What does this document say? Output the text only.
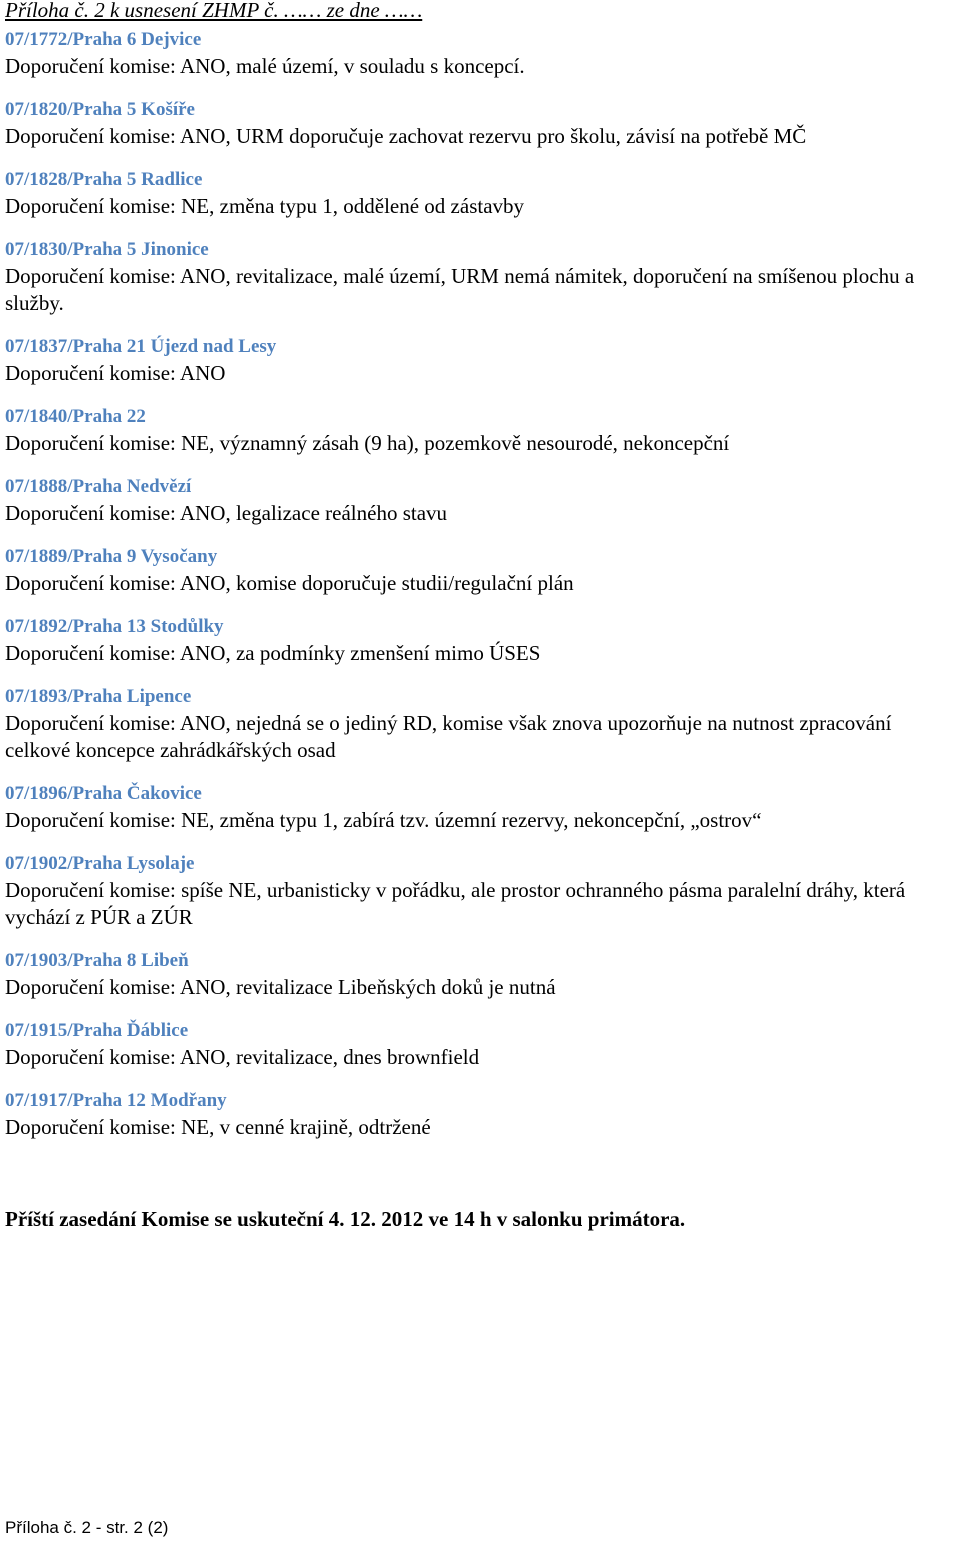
Příloha č. 2 k usnesení ZHMP č. …… ze dne ……
07/1772/Praha 6 Dejvice
Doporučení komise: ANO, malé území, v souladu s koncepcí.
07/1820/Praha 5 Košíře
Doporučení komise: ANO, URM doporučuje zachovat rezervu pro školu, závisí na potřebě MČ
07/1828/Praha 5 Radlice
Doporučení komise: NE, změna typu 1, oddělené od zástavby
07/1830/Praha 5 Jinonice
Doporučení komise: ANO, revitalizace, malé území, URM nemá námitek, doporučení na smíšenou plochu a služby.
07/1837/Praha 21 Újezd nad Lesy
Doporučení komise: ANO
07/1840/Praha 22
Doporučení komise: NE, významný zásah (9 ha), pozemkově nesourodé, nekoncepční
07/1888/Praha Nedvězí
Doporučení komise: ANO, legalizace reálného stavu
07/1889/Praha 9 Vysočany
Doporučení komise: ANO, komise doporučuje studii/regulační plán
07/1892/Praha 13 Stodůlky
Doporučení komise: ANO, za podmínky zmenšení mimo ÚSES
07/1893/Praha Lipence
Doporučení komise: ANO, nejedná se o jediný RD, komise však znova upozorňuje na nutnost zpracování celkové koncepce zahrádkářských osad
07/1896/Praha Čakovice
Doporučení komise: NE, změna typu 1, zabírá tzv. územní rezervy, nekoncepční, „ostrov“
07/1902/Praha Lysolaje
Doporučení komise: spíše NE, urbanisticky v pořádku, ale prostor ochranného pásma paralelní dráhy, která vychází z PÚR a ZÚR
07/1903/Praha 8 Libeň
Doporučení komise: ANO, revitalizace Libeňských doků je nutná
07/1915/Praha Ďáblice
Doporučení komise: ANO, revitalizace, dnes brownfield
07/1917/Praha 12 Modřany
Doporučení komise: NE, v cenné krajině, odtržené
Příští zasedání Komise se uskuteční 4. 12. 2012 ve 14 h v salonku primátora.
Příloha č. 2 - str. 2 (2)
